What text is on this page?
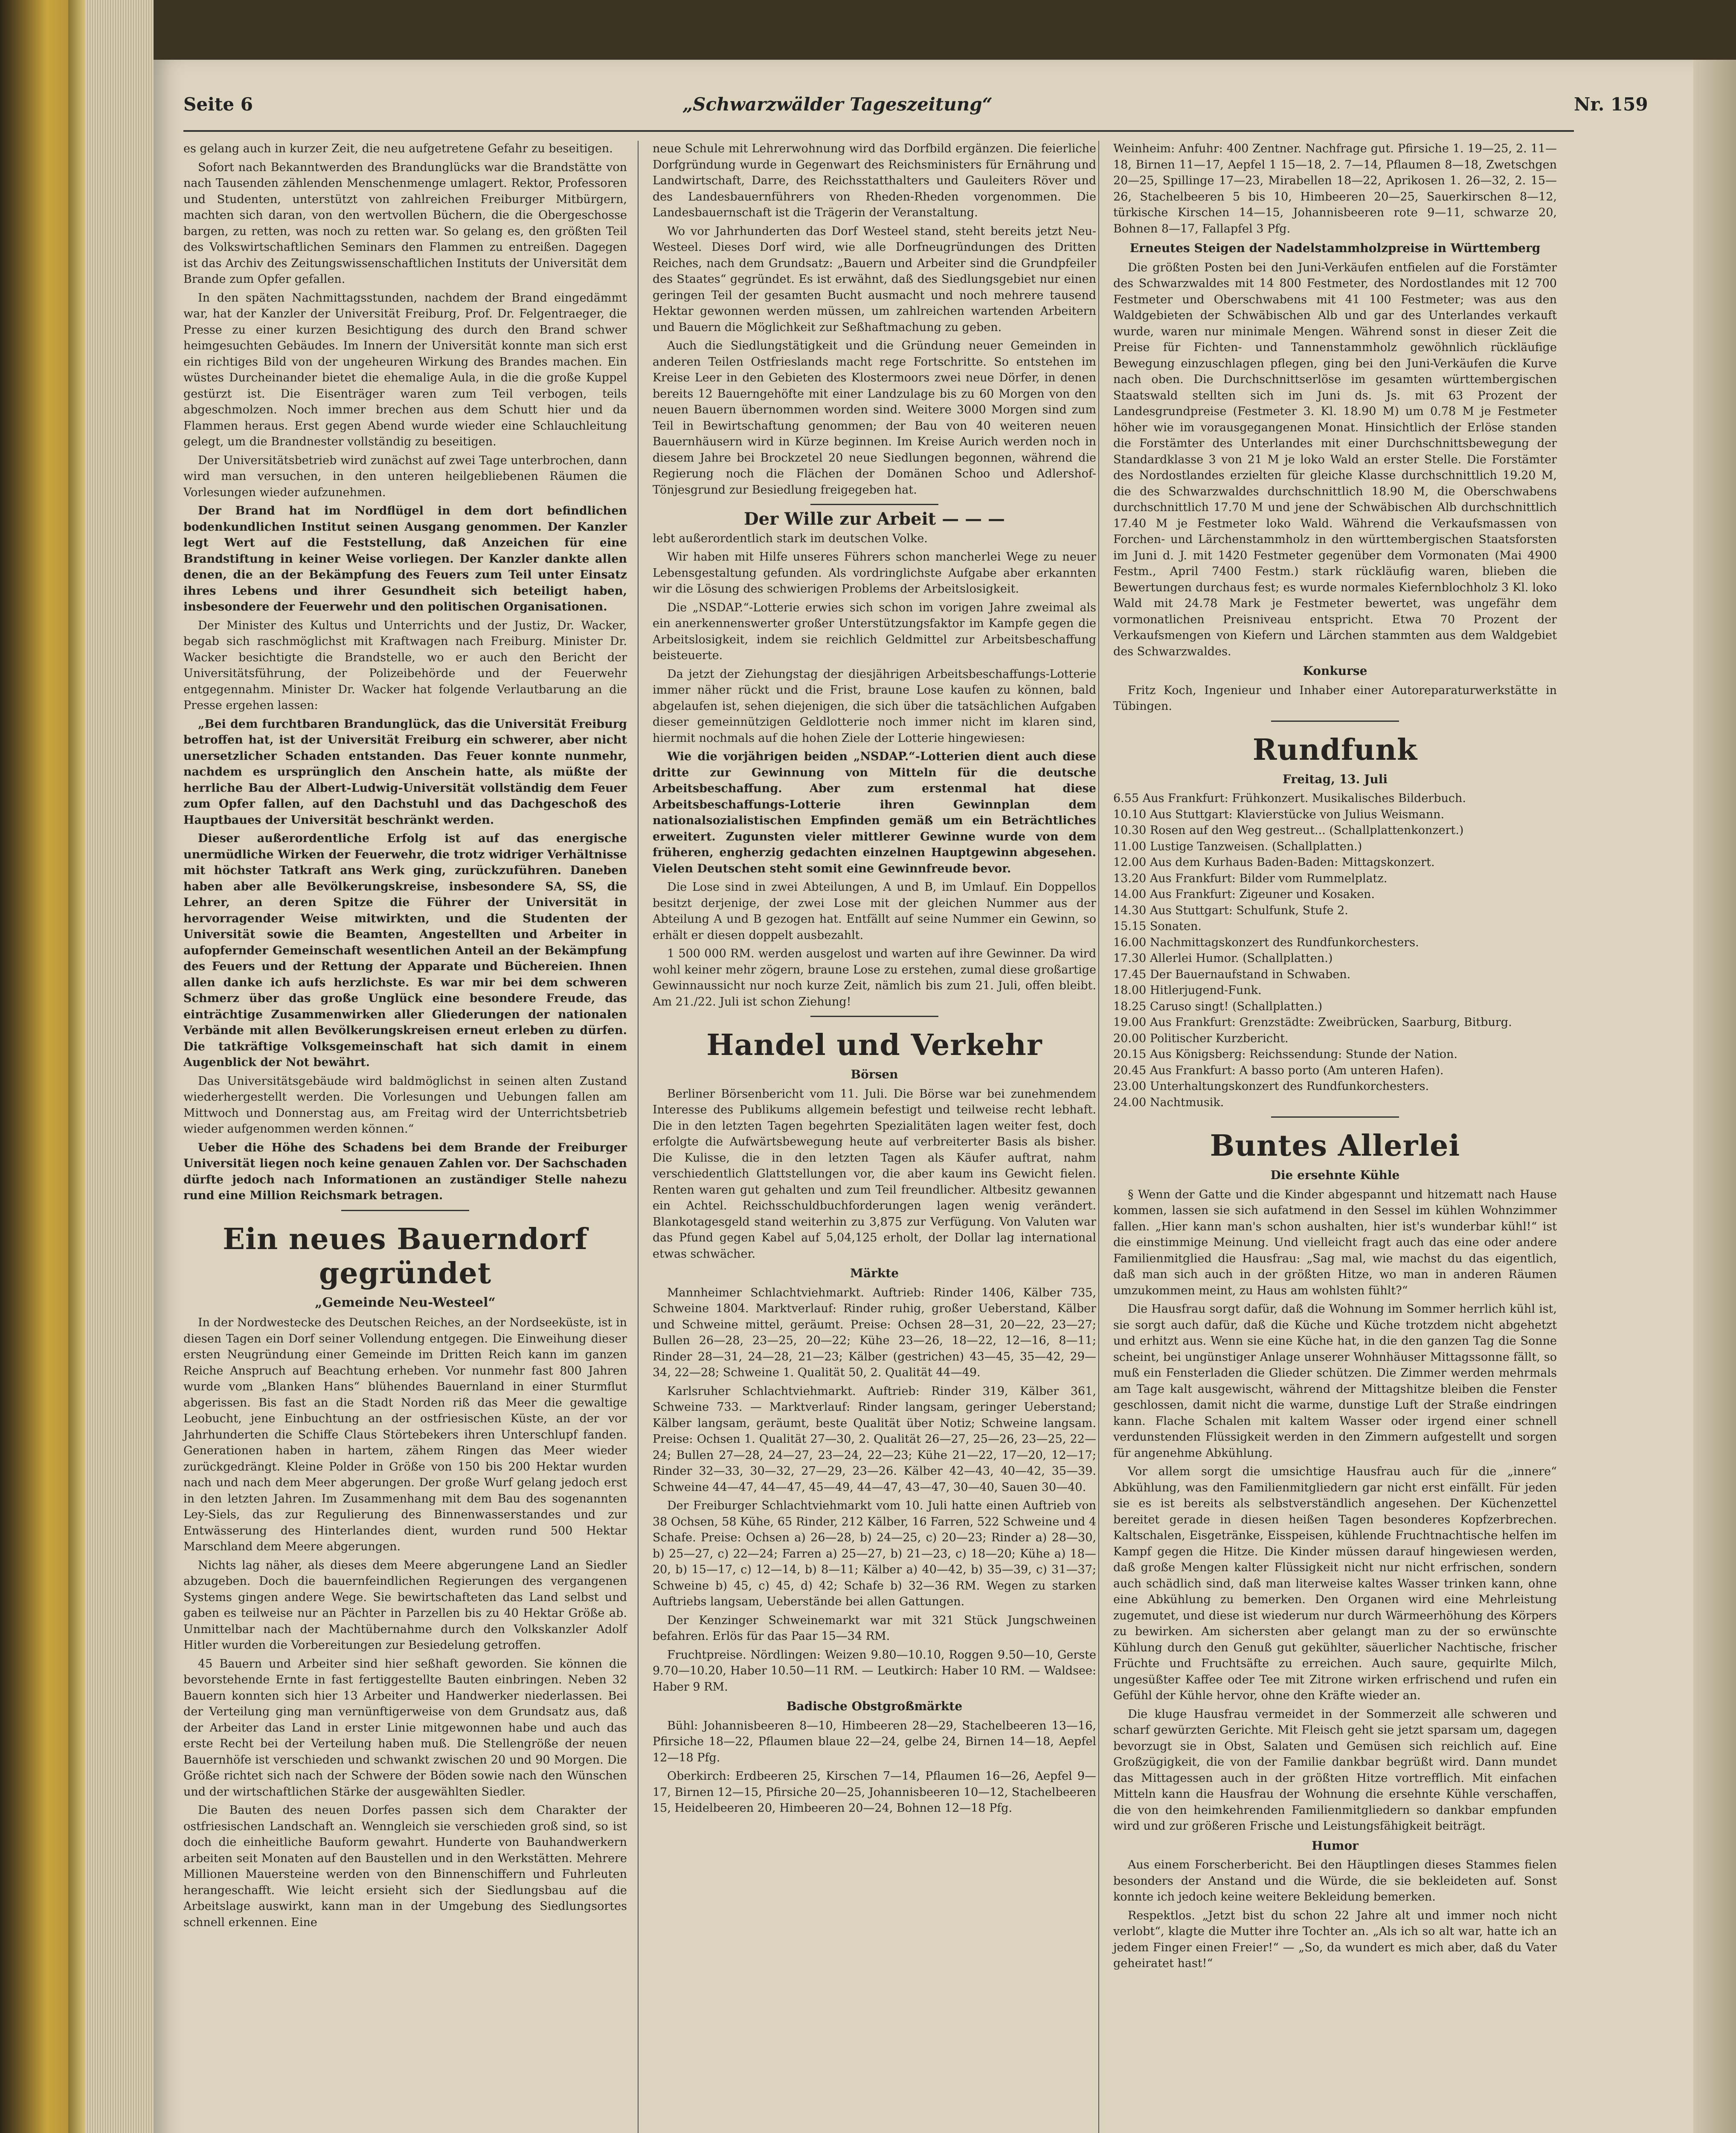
Seite 6	„Schwarzwälder Tageszeitung“	Nr. 159

es gelang auch in kurzer Zeit, die neu aufgetretene Gefahr zu beseitigen.

Sofort nach Bekanntwerden des Brandunglücks war die Brandstätte von nach Tausenden zählenden Menschenmenge umlagert. Rektor, Professoren und Studenten, unterstützt von zahlreichen Freiburger Mitbürgern, machten sich daran, von den wertvollen Büchern, die die Obergeschosse bargen, zu retten, was noch zu retten war. So gelang es, den größten Teil des Volkswirtschaftlichen Seminars den Flammen zu entreißen. Dagegen ist das Archiv des Zeitungswissenschaftlichen Instituts der Universität dem Brande zum Opfer gefallen.

In den späten Nachmittagsstunden, nachdem der Brand eingedämmt war, hat der Kanzler der Universität Freiburg, Prof. Dr. Felgentraeger, die Presse zu einer kurzen Besichtigung des durch den Brand schwer heimgesuchten Gebäudes. Im Innern der Universität konnte man sich erst ein richtiges Bild von der ungeheuren Wirkung des Brandes machen. Ein wüstes Durcheinander bietet die ehemalige Aula, in die die große Kuppel gestürzt ist. Die Eisenträger waren zum Teil verbogen, teils abgeschmolzen. Noch immer brechen aus dem Schutt hier und da Flammen heraus. Erst gegen Abend wurde wieder eine Schlauchleitung gelegt, um die Brandnester vollständig zu beseitigen.

Der Universitätsbetrieb wird zunächst auf zwei Tage unterbrochen, dann wird man versuchen, in den unteren heilgebliebenen Räumen die Vorlesungen wieder aufzunehmen.

Der Brand hat im Nordflügel in dem dort befindlichen bodenkundlichen Institut seinen Ausgang genommen. Der Kanzler legt Wert auf die Feststellung, daß Anzeichen für eine Brandstiftung in keiner Weise vorliegen. Der Kanzler dankte allen denen, die an der Bekämpfung des Feuers zum Teil unter Einsatz ihres Lebens und ihrer Gesundheit sich beteiligt haben, insbesondere der Feuerwehr und den politischen Organisationen.

Der Minister des Kultus und Unterrichts und der Justiz, Dr. Wacker, begab sich raschmöglichst mit Kraftwagen nach Freiburg. Minister Dr. Wacker besichtigte die Brandstelle, wo er auch den Bericht der Universitätsführung, der Polizeibehörde und der Feuerwehr entgegennahm. Minister Dr. Wacker hat folgende Verlautbarung an die Presse ergehen lassen:

„Bei dem furchtbaren Brandunglück, das die Universität Freiburg betroffen hat, ist der Universität Freiburg ein schwerer, aber nicht unersetzlicher Schaden entstanden. Das Feuer konnte nunmehr, nachdem es ursprünglich den Anschein hatte, als müßte der herrliche Bau der Albert-Ludwig-Universität vollständig dem Feuer zum Opfer fallen, auf den Dachstuhl und das Dachgeschoß des Hauptbaues der Universität beschränkt werden.

Dieser außerordentliche Erfolg ist auf das energische unermüdliche Wirken der Feuerwehr, die trotz widriger Verhältnisse mit höchster Tatkraft ans Werk ging, zurückzuführen. Daneben haben aber alle Bevölkerungskreise, insbesondere SA, SS, die Lehrer, an deren Spitze die Führer der Universität in hervorragender Weise mitwirkten, und die Studenten der Universität sowie die Beamten, Angestellten und Arbeiter in aufopfernder Gemeinschaft wesentlichen Anteil an der Bekämpfung des Feuers und der Rettung der Apparate und Büchereien. Ihnen allen danke ich aufs herzlichste. Es war mir bei dem schweren Schmerz über das große Unglück eine besondere Freude, das einträchtige Zusammenwirken aller Gliederungen der nationalen Verbände mit allen Bevölkerungskreisen erneut erleben zu dürfen. Die tatkräftige Volksgemeinschaft hat sich damit in einem Augenblick der Not bewährt.

Das Universitätsgebäude wird baldmöglichst in seinen alten Zustand wiederhergestellt werden. Die Vorlesungen und Uebungen fallen am Mittwoch und Donnerstag aus, am Freitag wird der Unterrichtsbetrieb wieder aufgenommen werden können.“

Ueber die Höhe des Schadens bei dem Brande der Freiburger Universität liegen noch keine genauen Zahlen vor. Der Sachschaden dürfte jedoch nach Informationen an zuständiger Stelle nahezu rund eine Million Reichsmark betragen.

Ein neues Bauerndorf gegründet
„Gemeinde Neu-Westeel“

In der Nordwestecke des Deutschen Reiches, an der Nordseeküste, ist in diesen Tagen ein Dorf seiner Vollendung entgegen. Die Einweihung dieser ersten Neugründung einer Gemeinde im Dritten Reich kann im ganzen Reiche Anspruch auf Beachtung erheben. Vor nunmehr fast 800 Jahren wurde vom „Blanken Hans“ blühendes Bauernland in einer Sturmflut abgerissen. Bis fast an die Stadt Norden riß das Meer die gewaltige Leobucht, jene Einbuchtung an der ostfriesischen Küste, an der vor Jahrhunderten die Schiffe Claus Störtebekers ihren Unterschlupf fanden. Generationen haben in hartem, zähem Ringen das Meer wieder zurückgedrängt. Kleine Polder in Größe von 150 bis 200 Hektar wurden nach und nach dem Meer abgerungen. Der große Wurf gelang jedoch erst in den letzten Jahren. Im Zusammenhang mit dem Bau des sogenannten Ley-Siels, das zur Regulierung des Binnenwasserstandes und zur Entwässerung des Hinterlandes dient, wurden rund 500 Hektar Marschland dem Meere abgerungen.

Nichts lag näher, als dieses dem Meere abgerungene Land an Siedler abzugeben. Doch die bauernfeindlichen Regierungen des vergangenen Systems gingen andere Wege. Sie bewirtschafteten das Land selbst und gaben es teilweise nur an Pächter in Parzellen bis zu 40 Hektar Größe ab. Unmittelbar nach der Machtübernahme durch den Volkskanzler Adolf Hitler wurden die Vorbereitungen zur Besiedelung getroffen.

45 Bauern und Arbeiter sind hier seßhaft geworden. Sie können die bevorstehende Ernte in fast fertiggestellte Bauten einbringen. Neben 32 Bauern konnten sich hier 13 Arbeiter und Handwerker niederlassen. Bei der Verteilung ging man vernünftigerweise von dem Grundsatz aus, daß der Arbeiter das Land in erster Linie mitgewonnen habe und auch das erste Recht bei der Verteilung haben muß. Die Stellengröße der neuen Bauernhöfe ist verschieden und schwankt zwischen 20 und 90 Morgen. Die Größe richtet sich nach der Schwere der Böden sowie nach den Wünschen und der wirtschaftlichen Stärke der ausgewählten Siedler.

Die Bauten des neuen Dorfes passen sich dem Charakter der ostfriesischen Landschaft an. Wenngleich sie verschieden groß sind, so ist doch die einheitliche Bauform gewahrt. Hunderte von Bauhandwerkern arbeiten seit Monaten auf den Baustellen und in den Werkstätten. Mehrere Millionen Mauersteine werden von den Binnenschiffern und Fuhrleuten herangeschafft. Wie leicht ersieht sich der Siedlungsbau auf die Arbeitslage auswirkt, kann man in der Umgebung des Siedlungsortes schnell erkennen. Eine

neue Schule mit Lehrerwohnung wird das Dorfbild ergänzen. Die feierliche Dorfgründung wurde in Gegenwart des Reichsministers für Ernährung und Landwirtschaft, Darre, des Reichsstatthalters und Gauleiters Röver und des Landesbauernführers von Rheden-Rheden vorgenommen. Die Landesbauernschaft ist die Trägerin der Veranstaltung.

Wo vor Jahrhunderten das Dorf Westeel stand, steht bereits jetzt Neu-Westeel. Dieses Dorf wird, wie alle Dorfneugründungen des Dritten Reiches, nach dem Grundsatz: „Bauern und Arbeiter sind die Grundpfeiler des Staates“ gegründet. Es ist erwähnt, daß des Siedlungsgebiet nur einen geringen Teil der gesamten Bucht ausmacht und noch mehrere tausend Hektar gewonnen werden müssen, um zahlreichen wartenden Arbeitern und Bauern die Möglichkeit zur Seßhaftmachung zu geben.

Auch die Siedlungstätigkeit und die Gründung neuer Gemeinden in anderen Teilen Ostfrieslands macht rege Fortschritte. So entstehen im Kreise Leer in den Gebieten des Klostermoors zwei neue Dörfer, in denen bereits 12 Bauerngehöfte mit einer Landzulage bis zu 60 Morgen von den neuen Bauern übernommen worden sind. Weitere 3000 Morgen sind zum Teil in Bewirtschaftung genommen; der Bau von 40 weiteren neuen Bauernhäusern wird in Kürze beginnen. Im Kreise Aurich werden noch in diesem Jahre bei Brockzetel 20 neue Siedlungen begonnen, während die Regierung noch die Flächen der Domänen Schoo und Adlershof-Tönjesgrund zur Besiedlung freigegeben hat.

Der Wille zur Arbeit — — —

lebt außerordentlich stark im deutschen Volke.

Wir haben mit Hilfe unseres Führers schon mancherlei Wege zu neuer Lebensgestaltung gefunden. Als vordringlichste Aufgabe aber erkannten wir die Lösung des schwierigen Problems der Arbeitslosigkeit.

Die „NSDAP.“-Lotterie erwies sich schon im vorigen Jahre zweimal als ein anerkennenswerter großer Unterstützungsfaktor im Kampfe gegen die Arbeitslosigkeit, indem sie reichlich Geldmittel zur Arbeitsbeschaffung beisteuerte.

Da jetzt der Ziehungstag der diesjährigen Arbeitsbeschaffungs-Lotterie immer näher rückt und die Frist, braune Lose kaufen zu können, bald abgelaufen ist, sehen diejenigen, die sich über die tatsächlichen Aufgaben dieser gemeinnützigen Geldlotterie noch immer nicht im klaren sind, hiermit nochmals auf die hohen Ziele der Lotterie hingewiesen:

Wie die vorjährigen beiden „NSDAP.“-Lotterien dient auch diese dritte zur Gewinnung von Mitteln für die deutsche Arbeitsbeschaffung. Aber zum erstenmal hat diese Arbeitsbeschaffungs-Lotterie ihren Gewinnplan dem nationalsozialistischen Empfinden gemäß um ein Beträchtliches erweitert. Zugunsten vieler mittlerer Gewinne wurde von dem früheren, engherzig gedachten einzelnen Hauptgewinn abgesehen. Vielen Deutschen steht somit eine Gewinnfreude bevor.

Die Lose sind in zwei Abteilungen, A und B, im Umlauf. Ein Doppellos besitzt derjenige, der zwei Lose mit der gleichen Nummer aus der Abteilung A und B gezogen hat. Entfällt auf seine Nummer ein Gewinn, so erhält er diesen doppelt ausbezahlt.

1 500 000 RM. werden ausgelost und warten auf ihre Gewinner. Da wird wohl keiner mehr zögern, braune Lose zu erstehen, zumal diese großartige Gewinnaussicht nur noch kurze Zeit, nämlich bis zum 21. Juli, offen bleibt. Am 21./22. Juli ist schon Ziehung!

Handel und Verkehr
Börsen

Berliner Börsenbericht vom 11. Juli. Die Börse war bei zunehmendem Interesse des Publikums allgemein befestigt und teilweise recht lebhaft. Die in den letzten Tagen begehrten Spezialitäten lagen weiter fest, doch erfolgte die Aufwärtsbewegung heute auf verbreiterter Basis als bisher. Die Kulisse, die in den letzten Tagen als Käufer auftrat, nahm verschiedentlich Glattstellungen vor, die aber kaum ins Gewicht fielen. Renten waren gut gehalten und zum Teil freundlicher. Altbesitz gewannen ein Achtel. Reichsschuldbuchforderungen lagen wenig verändert. Blankotagesgeld stand weiterhin zu 3,875 zur Verfügung. Von Valuten war das Pfund gegen Kabel auf 5,04,125 erholt, der Dollar lag international etwas schwächer.

Märkte

Mannheimer Schlachtviehmarkt. Auftrieb: Rinder 1406, Kälber 735, Schweine 1804. Marktverlauf: Rinder ruhig, großer Ueberstand, Kälber und Schweine mittel, geräumt. Preise: Ochsen 28—31, 20—22, 23—27; Bullen 26—28, 23—25, 20—22; Kühe 23—26, 18—22, 12—16, 8—11; Rinder 28—31, 24—28, 21—23; Kälber (gestrichen) 43—45, 35—42, 29—34, 22—28; Schweine 1. Qualität 50, 2. Qualität 44—49.

Karlsruher Schlachtviehmarkt. Auftrieb: Rinder 319, Kälber 361, Schweine 733. — Marktverlauf: Rinder langsam, geringer Ueberstand; Kälber langsam, geräumt, beste Qualität über Notiz; Schweine langsam. Preise: Ochsen 1. Qualität 27—30, 2. Qualität 26—27, 25—26, 23—25, 22—24; Bullen 27—28, 24—27, 23—24, 22—23; Kühe 21—22, 17—20, 12—17; Rinder 32—33, 30—32, 27—29, 23—26. Kälber 42—43, 40—42, 35—39. Schweine 44—47, 44—47, 45—49, 44—47, 43—47, 30—40, Sauen 30—40.

Der Freiburger Schlachtviehmarkt vom 10. Juli hatte einen Auftrieb von 38 Ochsen, 58 Kühe, 65 Rinder, 212 Kälber, 16 Farren, 522 Schweine und 4 Schafe. Preise: Ochsen a) 26—28, b) 24—25, c) 20—23; Rinder a) 28—30, b) 25—27, c) 22—24; Farren a) 25—27, b) 21—23, c) 18—20; Kühe a) 18—20, b) 15—17, c) 12—14, b) 8—11; Kälber a) 40—42, b) 35—39, c) 31—37; Schweine b) 45, c) 45, d) 42; Schafe b) 32—36 RM. Wegen zu starken Auftriebs langsam, Ueberstände bei allen Gattungen.

Der Kenzinger Schweinemarkt war mit 321 Stück Jungschweinen befahren. Erlös für das Paar 15—34 RM.

Fruchtpreise. Nördlingen: Weizen 9.80—10.10, Roggen 9.50—10, Gerste 9.70—10.20, Haber 10.50—11 RM. — Leutkirch: Haber 10 RM. — Waldsee: Haber 9 RM.

Badische Obstgroßmärkte

Bühl: Johannisbeeren 8—10, Himbeeren 28—29, Stachelbeeren 13—16, Pfirsiche 18—22, Pflaumen blaue 22—24, gelbe 24, Birnen 14—18, Aepfel 12—18 Pfg.

Oberkirch: Erdbeeren 25, Kirschen 7—14, Pflaumen 16—26, Aepfel 9—17, Birnen 12—15, Pfirsiche 20—25, Johannisbeeren 10—12, Stachelbeeren 15, Heidelbeeren 20, Himbeeren 20—24, Bohnen 12—18 Pfg.

Weinheim: Anfuhr: 400 Zentner. Nachfrage gut. Pfirsiche 1. 19—25, 2. 11—18, Birnen 11—17, Aepfel 1 15—18, 2. 7—14, Pflaumen 8—18, Zwetschgen 20—25, Spillinge 17—23, Mirabellen 18—22, Aprikosen 1. 26—32, 2. 15—26, Stachelbeeren 5 bis 10, Himbeeren 20—25, Sauerkirschen 8—12, türkische Kirschen 14—15, Johannisbeeren rote 9—11, schwarze 20, Bohnen 8—17, Fallapfel 3 Pfg.

Erneutes Steigen der Nadelstammholzpreise in Württemberg

Die größten Posten bei den Juni-Verkäufen entfielen auf die Forstämter des Schwarzwaldes mit 14 800 Festmeter, des Nordostlandes mit 12 700 Festmeter und Oberschwabens mit 41 100 Festmeter; was aus den Waldgebieten der Schwäbischen Alb und gar des Unterlandes verkauft wurde, waren nur minimale Mengen. Während sonst in dieser Zeit die Preise für Fichten- und Tannenstammholz gewöhnlich rückläufige Bewegung einzuschlagen pflegen, ging bei den Juni-Verkäufen die Kurve nach oben. Die Durchschnittserlöse im gesamten württembergischen Staatswald stellten sich im Juni ds. Js. mit 63 Prozent der Landesgrundpreise (Festmeter 3. Kl. 18.90 M) um 0.78 M je Festmeter höher wie im vorausgegangenen Monat. Hinsichtlich der Erlöse standen die Forstämter des Unterlandes mit einer Durchschnittsbewegung der Standardklasse 3 von 21 M je loko Wald an erster Stelle. Die Forstämter des Nordostlandes erzielten für gleiche Klasse durchschnittlich 19.20 M, die des Schwarzwaldes durchschnittlich 18.90 M, die Oberschwabens durchschnittlich 17.70 M und jene der Schwäbischen Alb durchschnittlich 17.40 M je Festmeter loko Wald. Während die Verkaufsmassen von Forchen- und Lärchenstammholz in den württembergischen Staatsforsten im Juni d. J. mit 1420 Festmeter gegenüber dem Vormonaten (Mai 4900 Festm., April 7400 Festm.) stark rückläufig waren, blieben die Bewertungen durchaus fest; es wurde normales Kiefernblochholz 3 Kl. loko Wald mit 24.78 Mark je Festmeter bewertet, was ungefähr dem vormonatlichen Preisniveau entspricht. Etwa 70 Prozent der Verkaufsmengen von Kiefern und Lärchen stammten aus dem Waldgebiet des Schwarzwaldes.

Konkurse

Fritz Koch, Ingenieur und Inhaber einer Autoreparaturwerkstätte in Tübingen.

Rundfunk
Freitag, 13. Juli

6.55 Aus Frankfurt: Frühkonzert. Musikalisches Bilderbuch.

10.10 Aus Stuttgart: Klavierstücke von Julius Weismann.

10.30 Rosen auf den Weg gestreut... (Schallplattenkonzert.)

11.00 Lustige Tanzweisen. (Schallplatten.)

12.00 Aus dem Kurhaus Baden-Baden: Mittagskonzert.

13.20 Aus Frankfurt: Bilder vom Rummelplatz.

14.00 Aus Frankfurt: Zigeuner und Kosaken.

14.30 Aus Stuttgart: Schulfunk, Stufe 2.

15.15 Sonaten.

16.00 Nachmittagskonzert des Rundfunkorchesters.

17.30 Allerlei Humor. (Schallplatten.)

17.45 Der Bauernaufstand in Schwaben.

18.00 Hitlerjugend-Funk.

18.25 Caruso singt! (Schallplatten.)

19.00 Aus Frankfurt: Grenzstädte: Zweibrücken, Saarburg, Bitburg.

20.00 Politischer Kurzbericht.

20.15 Aus Königsberg: Reichssendung: Stunde der Nation.

20.45 Aus Frankfurt: A basso porto (Am unteren Hafen).

23.00 Unterhaltungskonzert des Rundfunkorchesters.

24.00 Nachtmusik.

Buntes Allerlei
Die ersehnte Kühle

§ Wenn der Gatte und die Kinder abgespannt und hitzematt nach Hause kommen, lassen sie sich aufatmend in den Sessel im kühlen Wohnzimmer fallen. „Hier kann man's schon aushalten, hier ist's wunderbar kühl!“ ist die einstimmige Meinung. Und vielleicht fragt auch das eine oder andere Familienmitglied die Hausfrau: „Sag mal, wie machst du das eigentlich, daß man sich auch in der größten Hitze, wo man in anderen Räumen umzukommen meint, zu Haus am wohlsten fühlt?“

Die Hausfrau sorgt dafür, daß die Wohnung im Sommer herrlich kühl ist, sie sorgt auch dafür, daß die Küche und Küche trotzdem nicht abgehetzt und erhitzt aus. Wenn sie eine Küche hat, in die den ganzen Tag die Sonne scheint, bei ungünstiger Anlage unserer Wohnhäuser Mittagssonne fällt, so muß ein Fensterladen die Glieder schützen. Die Zimmer werden mehrmals am Tage kalt ausgewischt, während der Mittagshitze bleiben die Fenster geschlossen, damit nicht die warme, dunstige Luft der Straße eindringen kann. Flache Schalen mit kaltem Wasser oder irgend einer schnell verdunstenden Flüssigkeit werden in den Zimmern aufgestellt und sorgen für angenehme Abkühlung.

Vor allem sorgt die umsichtige Hausfrau auch für die „innere“ Abkühlung, was den Familienmitgliedern gar nicht erst einfällt. Für jeden sie es ist bereits als selbstverständlich angesehen. Der Küchenzettel bereitet gerade in diesen heißen Tagen besonderes Kopfzerbrechen. Kaltschalen, Eisgetränke, Eisspeisen, kühlende Fruchtnachtische helfen im Kampf gegen die Hitze. Die Kinder müssen darauf hingewiesen werden, daß große Mengen kalter Flüssigkeit nicht nur nicht erfrischen, sondern auch schädlich sind, daß man literweise kaltes Wasser trinken kann, ohne eine Abkühlung zu bemerken. Den Organen wird eine Mehrleistung zugemutet, und diese ist wiederum nur durch Wärmeerhöhung des Körpers zu bewirken. Am sichersten aber gelangt man zu der so erwünschte Kühlung durch den Genuß gut gekühlter, säuerlicher Nachtische, frischer Früchte und Fruchtsäfte zu erreichen. Auch saure, gequirlte Milch, ungesüßter Kaffee oder Tee mit Zitrone wirken erfrischend und rufen ein Gefühl der Kühle hervor, ohne den Kräfte wieder an.

Die kluge Hausfrau vermeidet in der Sommerzeit alle schweren und scharf gewürzten Gerichte. Mit Fleisch geht sie jetzt sparsam um, dagegen bevorzugt sie in Obst, Salaten und Gemüsen sich reichlich auf. Eine Großzügigkeit, die von der Familie dankbar begrüßt wird. Dann mundet das Mittagessen auch in der größten Hitze vortrefflich. Mit einfachen Mitteln kann die Hausfrau der Wohnung die ersehnte Kühle verschaffen, die von den heimkehrenden Familienmitgliedern so dankbar empfunden wird und zur größeren Frische und Leistungsfähigkeit beiträgt.

Humor

Aus einem Forscherbericht. Bei den Häuptlingen dieses Stammes fielen besonders der Anstand und die Würde, die sie bekleideten auf. Sonst konnte ich jedoch keine weitere Bekleidung bemerken.

Respektlos. „Jetzt bist du schon 22 Jahre alt und immer noch nicht verlobt“, klagte die Mutter ihre Tochter an. „Als ich so alt war, hatte ich an jedem Finger einen Freier!“ — „So, da wundert es mich aber, daß du Vater geheiratet hast!“
